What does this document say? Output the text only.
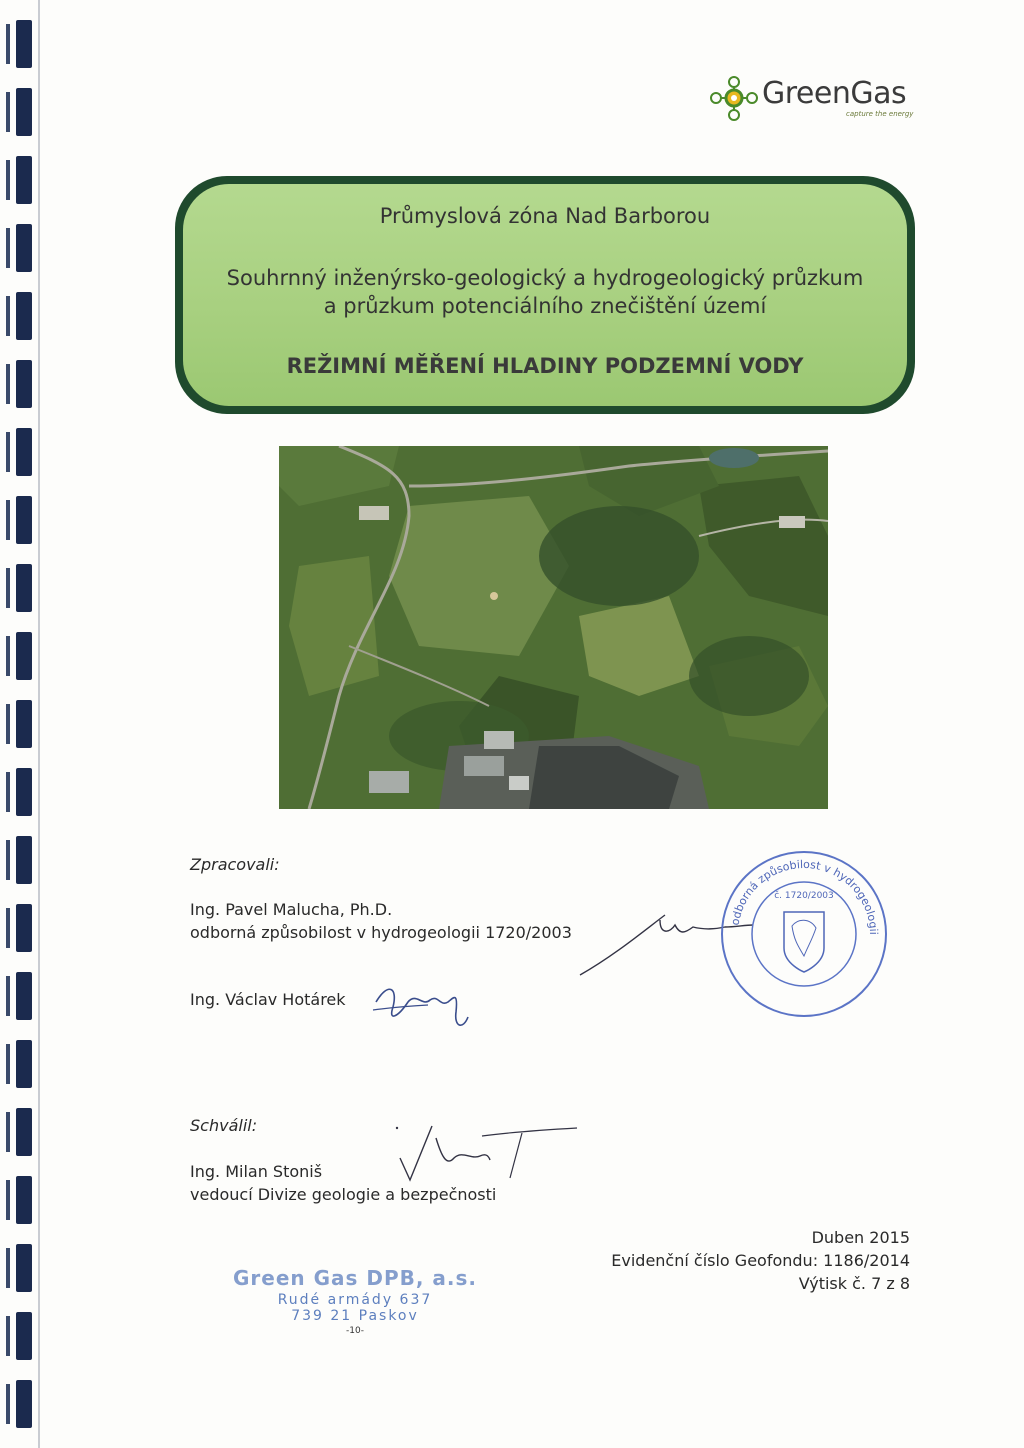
GreenGas
capture the energy
Průmyslová zóna Nad Barborou
Souhrnný inženýrsko-geologický a hydrogeologický průzkum
a průzkum potenciálního znečištění území
REŽIMNÍ MĚŘENÍ HLADINY PODZEMNÍ VODY
Zpracovali:
Ing. Pavel Malucha, Ph.D.
odborná způsobilost v hydrogeologii 1720/2003
Ing. Václav Hotárek
odborná způsobilost v hydrogeologii
č. 1720/2003
Schválil:
Ing. Milan Stoniš
vedoucí Divize geologie a bezpečnosti
Green Gas DPB, a.s.
Rudé armády 637
739 21 Paskov
-10-
Duben 2015
Evidenční číslo Geofondu: 1186/2014
Výtisk č. 7 z 8
